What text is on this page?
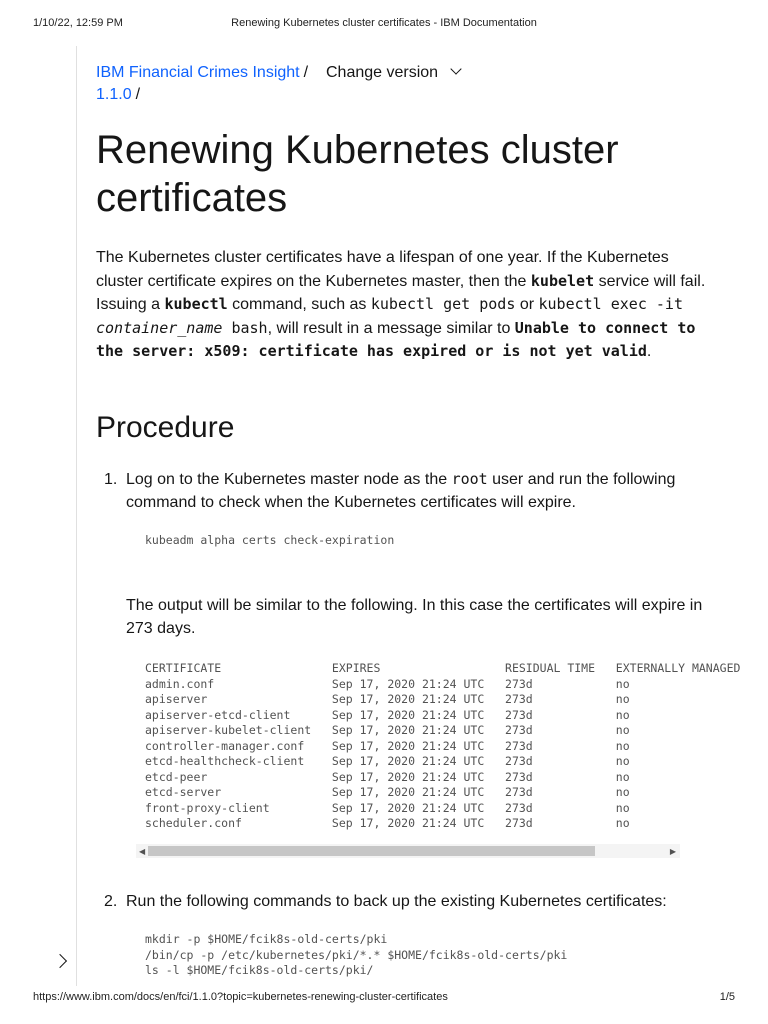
1/10/22, 12:59 PM	Renewing Kubernetes cluster certificates - IBM Documentation
IBM Financial Crimes Insight /
1.1.0 /
Change version
Renewing Kubernetes cluster certificates

The Kubernetes cluster certificates have a lifespan of one year. If the Kubernetes cluster certificate expires on the Kubernetes master, then the kubelet service will fail. Issuing a kubectl command, such as kubectl get pods or kubectl exec -it container_name bash, will result in a message similar to Unable to connect to the server: x509: certificate has expired or is not yet valid.

Procedure
1. Log on to the Kubernetes master node as the root user and run the following command to check when the Kubernetes certificates will expire.

kubeadm alpha certs check-expiration

The output will be similar to the following. In this case the certificates will expire in 273 days.

CERTIFICATE                EXPIRES                  RESIDUAL TIME   EXTERNALLY MANAGED
admin.conf                 Sep 17, 2020 21:24 UTC   273d            no
apiserver                  Sep 17, 2020 21:24 UTC   273d            no
apiserver-etcd-client      Sep 17, 2020 21:24 UTC   273d            no
apiserver-kubelet-client   Sep 17, 2020 21:24 UTC   273d            no
controller-manager.conf    Sep 17, 2020 21:24 UTC   273d            no
etcd-healthcheck-client    Sep 17, 2020 21:24 UTC   273d            no
etcd-peer                  Sep 17, 2020 21:24 UTC   273d            no
etcd-server                Sep 17, 2020 21:24 UTC   273d            no
front-proxy-client         Sep 17, 2020 21:24 UTC   273d            no
scheduler.conf             Sep 17, 2020 21:24 UTC   273d            no
◀	▶
2. Run the following commands to back up the existing Kubernetes certificates:

mkdir -p $HOME/fcik8s-old-certs/pki
/bin/cp -p /etc/kubernetes/pki/*.* $HOME/fcik8s-old-certs/pki
ls -l $HOME/fcik8s-old-certs/pki/
https://www.ibm.com/docs/en/fci/1.1.0?topic=kubernetes-renewing-cluster-certificates	1/5
